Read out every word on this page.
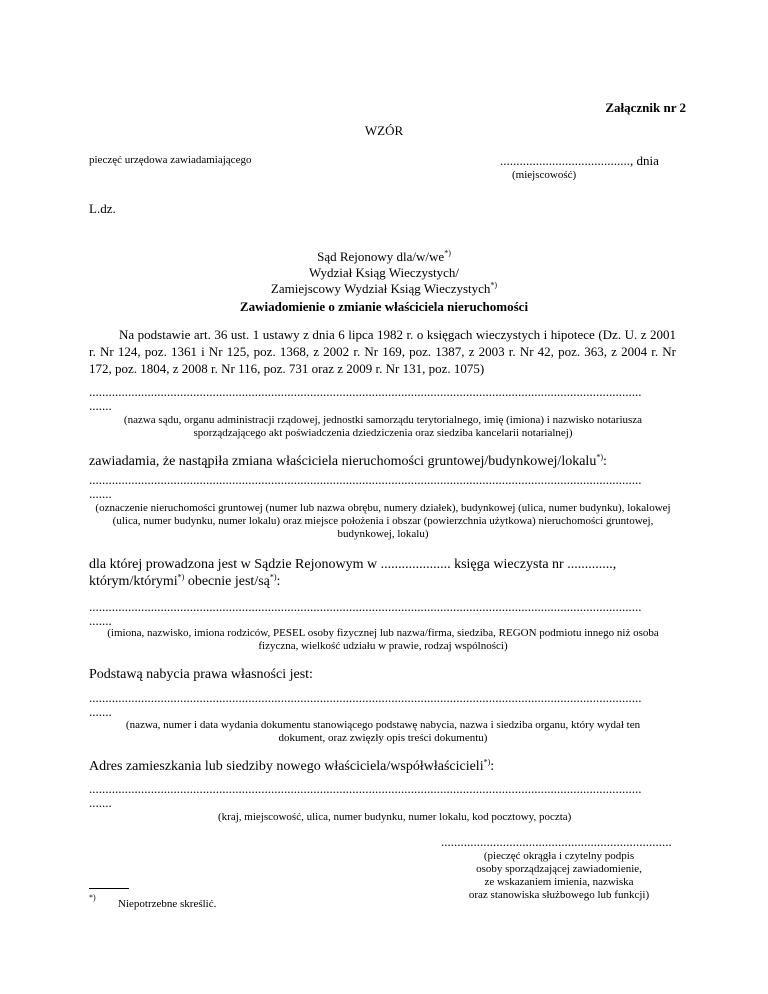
Załącznik nr 2
WZÓR
pieczęć urzędowa zawiadamiającego	........................................, dnia
(miejscowość)
L.dz.
Sąd Rejonowy dla/w/we*)
Wydział Ksiąg Wieczystych/
Zamiejscowy Wydział Ksiąg Wieczystych*)
Zawiadomienie o zmianie właściciela nieruchomości
Na podstawie art. 36 ust. 1 ustawy z dnia 6 lipca 1982 r. o księgach wieczystych i hipotece (Dz. U. z 2001 r. Nr 124, poz. 1361 i Nr 125, poz. 1368, z 2002 r. Nr 169, poz. 1387, z 2003 r. Nr 42, poz. 363, z 2004 r. Nr 172, poz. 1804, z 2008 r. Nr 116, poz. 731 oraz z 2009 r. Nr 131, poz. 1075)
..........................................................................................................................................................................
.......
(nazwa sądu, organu administracji rządowej, jednostki samorządu terytorialnego, imię (imiona) i nazwisko notariusza sporządzającego akt poświadczenia dziedziczenia oraz siedziba kancelarii notarialnej)
zawiadamia, że nastąpiła zmiana właściciela nieruchomości gruntowej/budynkowej/lokalu*):
..........................................................................................................................................................................
.......
(oznaczenie nieruchomości gruntowej (numer lub nazwa obrębu, numery działek), budynkowej (ulica, numer budynku), lokalowej (ulica, numer budynku, numer lokalu) oraz miejsce położenia i obszar (powierzchnia użytkowa) nieruchomości gruntowej, budynkowej, lokalu)
dla której prowadzona jest w Sądzie Rejonowym w .................... księga wieczysta nr .............,
którym/którymi*) obecnie jest/są*):
..........................................................................................................................................................................
.......
(imiona, nazwisko, imiona rodziców, PESEL osoby fizycznej lub nazwa/firma, siedziba, REGON podmiotu innego niż osoba fizyczna, wielkość udziału w prawie, rodzaj wspólności)
Podstawą nabycia prawa własności jest:
..........................................................................................................................................................................
.......
(nazwa, numer i data wydania dokumentu stanowiącego podstawę nabycia, nazwa i siedziba organu, który wydał ten dokument, oraz zwięzły opis treści dokumentu)
Adres zamieszkania lub siedziby nowego właściciela/współwłaścicieli*):
..........................................................................................................................................................................
.......
(kraj, miejscowość, ulica, numer budynku, numer lokalu, kod pocztowy, poczta)
.......................................................................
(pieczęć okrągła i czytelny podpis
osoby sporządzającej zawiadomienie,
ze wskazaniem imienia, nazwiska
oraz stanowiska służbowego lub funkcji)
*)
Niepotrzebne skreślić.
